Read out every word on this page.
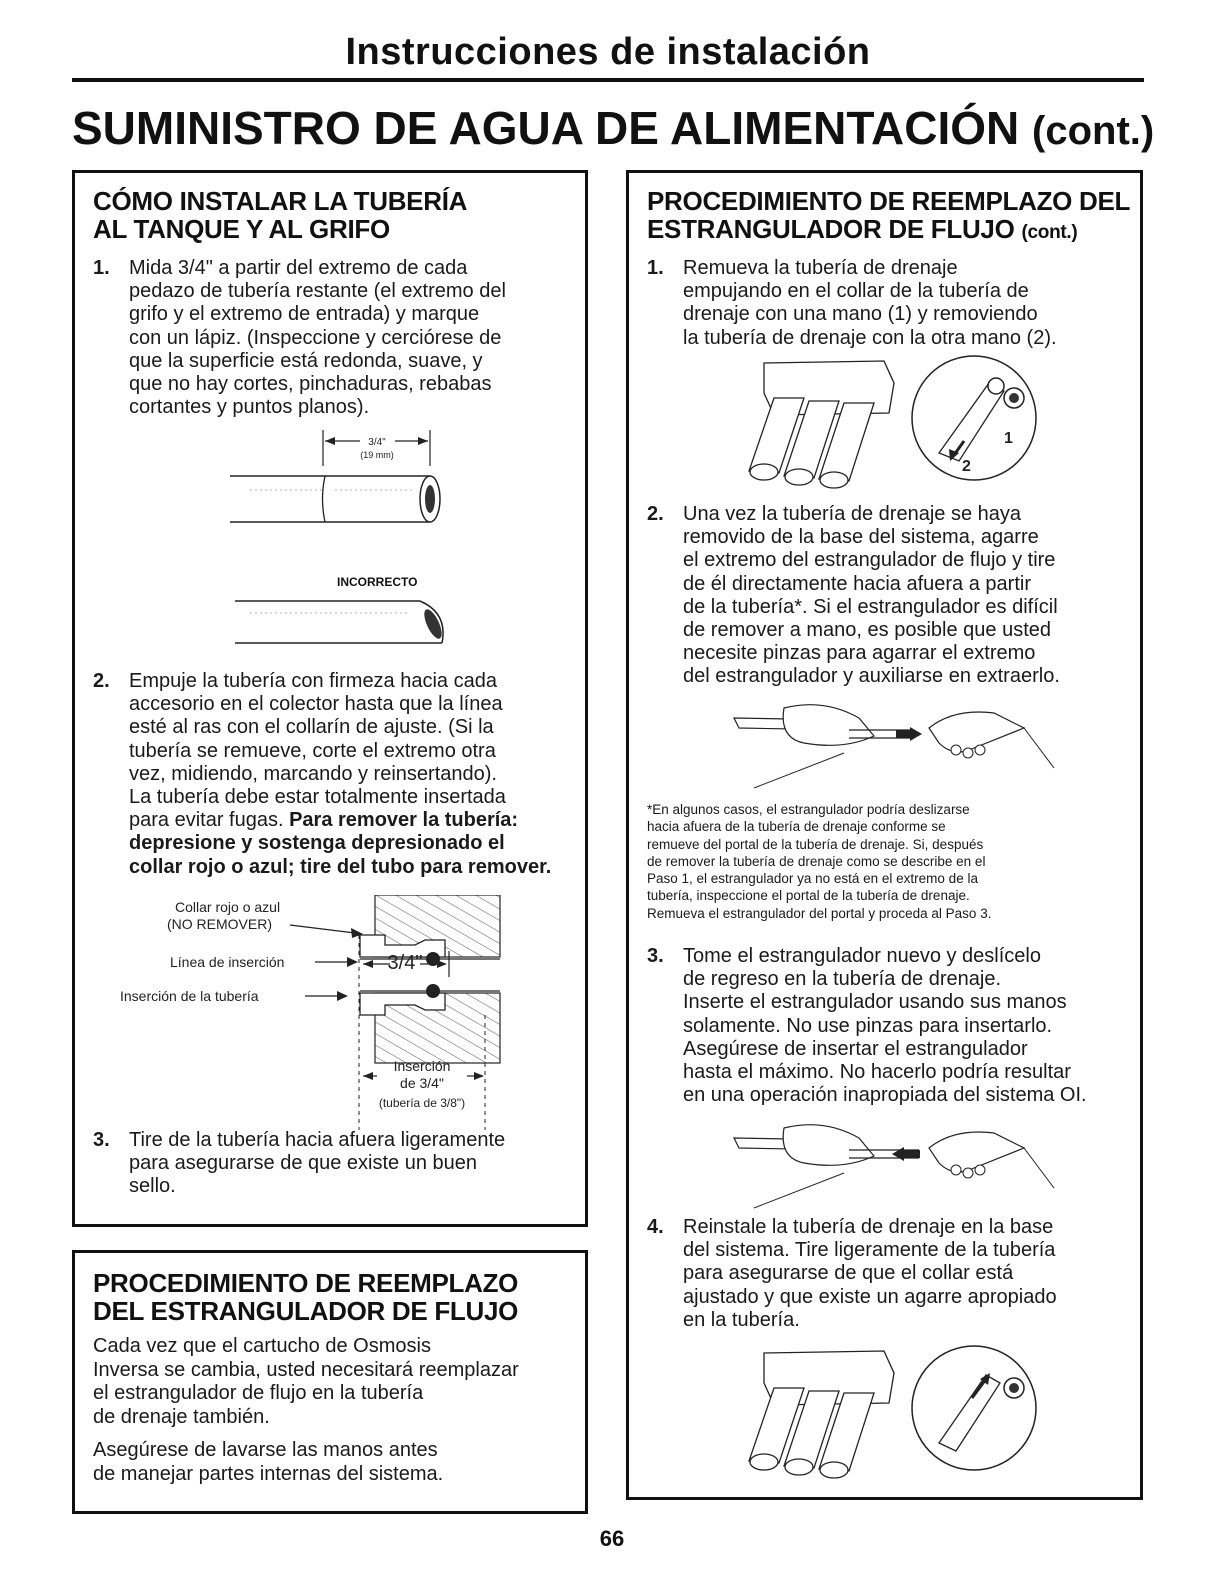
Instrucciones de instalación
SUMINISTRO DE AGUA DE ALIMENTACIÓN (cont.)
CÓMO INSTALAR LA TUBERÍA
AL TANQUE Y AL GRIFO
1. Mida 3/4" a partir del extremo de cada
pedazo de tubería restante (el extremo del
grifo y el extremo de entrada) y marque
con un lápiz. (Inspeccione y cerciórese de
que la superficie está redonda, suave, y
que no hay cortes, pinchaduras, rebabas
cortantes y puntos planos).
3/4"
(19 mm)
INCORRECTO
2. Empuje la tubería con firmeza hacia cada
accesorio en el colector hasta que la línea
esté al ras con el collarín de ajuste. (Si la
tubería se remueve, corte el extremo otra
vez, midiendo, marcando y reinsertando).
La tubería debe estar totalmente insertada
para evitar fugas. Para remover la tubería:
depresione y sostenga depresionado el
collar rojo o azul; tire del tubo para remover.
Collar rojo o azul
(NO REMOVER)
Línea de inserción	3/4"
Inserción de la tubería
Inserción
de 3/4"
(tubería de 3/8")
3. Tire de la tubería hacia afuera ligeramente
para asegurarse de que existe un buen
sello.
PROCEDIMIENTO DE REEMPLAZO
DEL ESTRANGULADOR DE FLUJO
Cada vez que el cartucho de Osmosis
Inversa se cambia, usted necesitará reemplazar
el estrangulador de flujo en la tubería
de drenaje también.
Asegúrese de lavarse las manos antes
de manejar partes internas del sistema.
PROCEDIMIENTO DE REEMPLAZO DEL
ESTRANGULADOR DE FLUJO (cont.)
1. Remueva la tubería de drenaje
empujando en el collar de la tubería de
drenaje con una mano (1) y removiendo
la tubería de drenaje con la otra mano (2).
1
2
2. Una vez la tubería de drenaje se haya
removido de la base del sistema, agarre
el extremo del estrangulador de flujo y tire
de él directamente hacia afuera a partir
de la tubería*. Si el estrangulador es difícil
de remover a mano, es posible que usted
necesite pinzas para agarrar el extremo
del estrangulador y auxiliarse en extraerlo.
*En algunos casos, el estrangulador podría deslizarse
hacia afuera de la tubería de drenaje conforme se
remueve del portal de la tubería de drenaje. Si, después
de remover la tubería de drenaje como se describe en el
Paso 1, el estrangulador ya no está en el extremo de la
tubería, inspeccione el portal de la tubería de drenaje.
Remueva el estrangulador del portal y proceda al Paso 3.
3. Tome el estrangulador nuevo y deslícelo
de regreso en la tubería de drenaje.
Inserte el estrangulador usando sus manos
solamente. No use pinzas para insertarlo.
Asegúrese de insertar el estrangulador
hasta el máximo. No hacerlo podría resultar
en una operación inapropiada del sistema OI.
4. Reinstale la tubería de drenaje en la base
del sistema. Tire ligeramente de la tubería
para asegurarse de que el collar está
ajustado y que existe un agarre apropiado
en la tubería.
66
